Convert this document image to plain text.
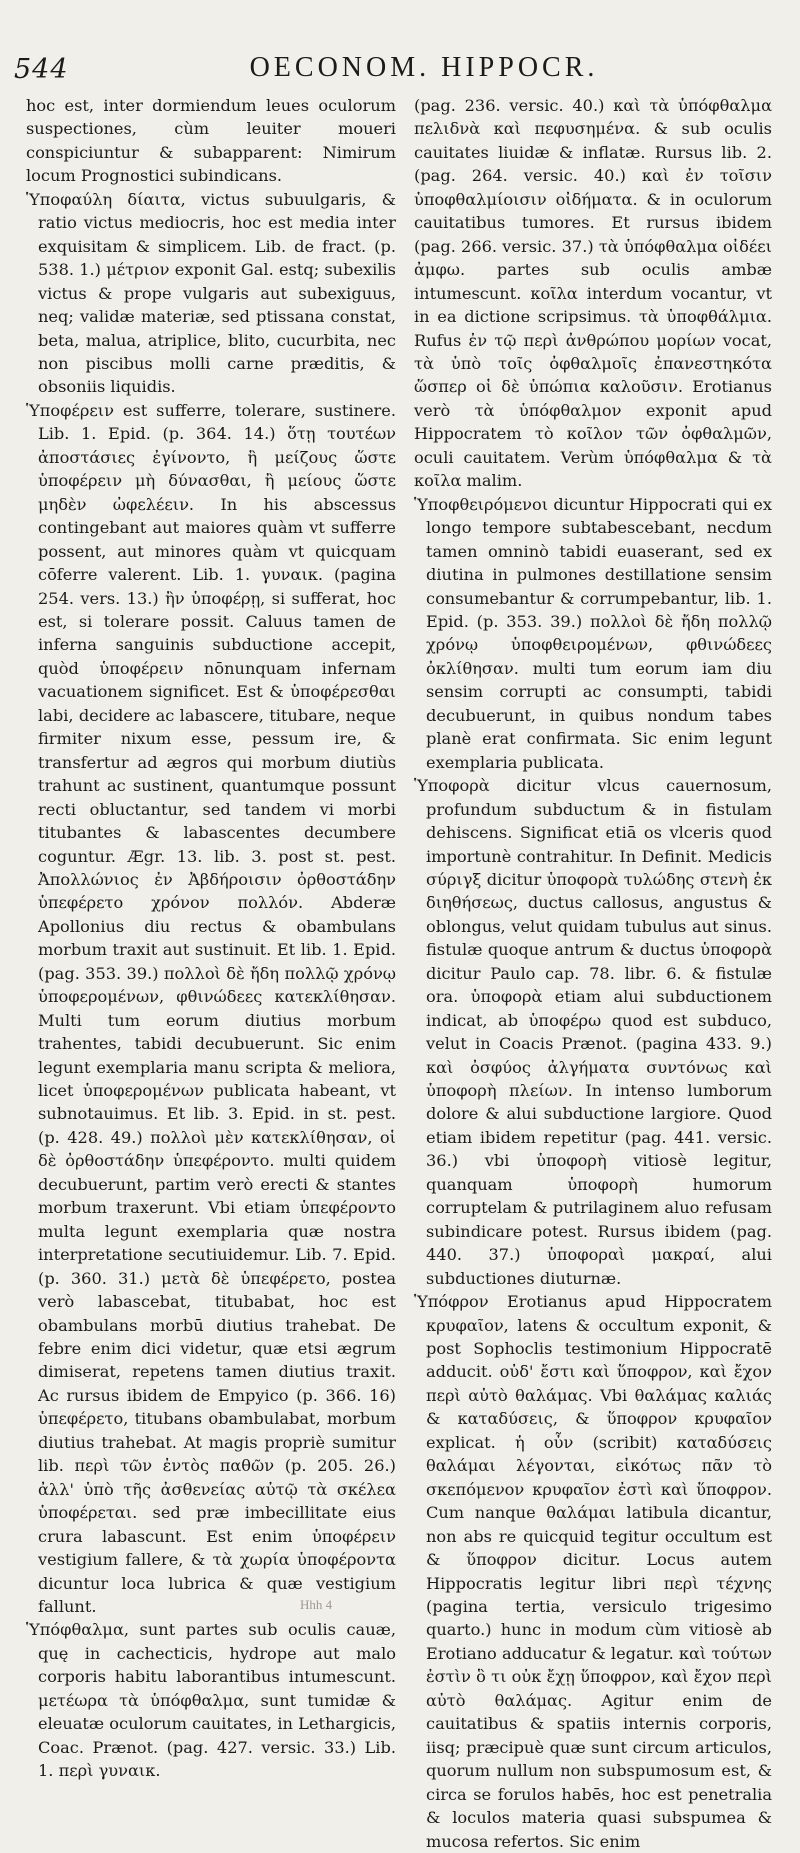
544	OECONOM. HIPPOCR.

hoc est, inter dormiendum leues oculorum suspectiones, cùm leuiter moueri conspiciuntur & subapparent: Nimirum locum Prognostici subindicans.

Ὑποφαύλη δίαιτα, victus subuulgaris, & ratio victus mediocris, hoc est media inter exquisitam & simplicem. Lib. de fract. (p. 538. 1.) μέτριον exponit Gal. estq; subexilis victus & prope vulgaris aut subexiguus, neq; validæ materiæ, sed ptissana constat, beta, malua, atriplice, blito, cucurbita, nec non piscibus molli carne præditis, & obsoniis liquidis.

Ὑποφέρειν est sufferre, tolerare, sustinere. Lib. 1. Epid. (p. 364. 14.) ὅτῃ τουτέων ἀποστάσιες ἐγίνοντο, ἢ μείζους ὥστε ὑποφέρειν μὴ δύνασθαι, ἢ μείους ὥστε μηδὲν ὠφελέειν. In his abscessus contingebant aut maiores quàm vt sufferre possent, aut minores quàm vt quicquam cōferre valerent. Lib. 1. γυναικ. (pagina 254. vers. 13.) ἢν ὑποφέρῃ, si sufferat, hoc est, si tolerare possit. Caluus tamen de inferna sanguinis subductione accepit, quòd ὑποφέρειν nōnunquam infernam vacuationem significet. Est & ὑποφέρεσθαι labi, decidere ac labascere, titubare, neque firmiter nixum esse, pessum ire, & transfertur ad ægros qui morbum diutiùs trahunt ac sustinent, quantumque possunt recti obluctantur, sed tandem vi morbi titubantes & labascentes decumbere coguntur. Ægr. 13. lib. 3. post st. pest. Ἀπολλώνιος ἐν Ἀβδήροισιν ὀρθοστάδην ὑπεφέρετο χρόνον πολλόν. Abderæ Apollonius diu rectus & obambulans morbum traxit aut sustinuit. Et lib. 1. Epid. (pag. 353. 39.) πολλοὶ δὲ ἤδη πολλῷ χρόνῳ ὑποφερομένων, φθινώδεες κατεκλίθησαν. Multi tum eorum diutius morbum trahentes, tabidi decubuerunt. Sic enim legunt exemplaria manu scripta & meliora, licet ὑποφερομένων publicata habeant, vt subnotauimus. Et lib. 3. Epid. in st. pest. (p. 428. 49.) πολλοὶ μὲν κατεκλίθησαν, οἱ δὲ ὀρθοστάδην ὑπεφέροντο. multi quidem decubuerunt, partim verò erecti & stantes morbum traxerunt. Vbi etiam ὑπεφέροντο multa legunt exemplaria quæ nostra interpretatione secutiuidemur. Lib. 7. Epid. (p. 360. 31.) μετὰ δὲ ὑπεφέρετο, postea verò labascebat, titubabat, hoc est obambulans morbū diutius trahebat. De febre enim dici videtur, quæ etsi ægrum dimiserat, repetens tamen diutius traxit. Ac rursus ibidem de Empyico (p. 366. 16) ὑπεφέρετο, titubans obambulabat, morbum diutius trahebat. At magis propriè sumitur lib. περὶ τῶν ἐντὸς παθῶν (p. 205. 26.) ἀλλ' ὑπὸ τῆς ἀσθενείας αὐτῷ τὰ σκέλεα ὑποφέρεται. sed præ imbecillitate eius crura labascunt. Est enim ὑποφέρειν vestigium fallere, & τὰ χωρία ὑποφέροντα dicuntur loca lubrica & quæ vestigium fallunt.

Ὑπόφθαλμα, sunt partes sub oculis cauæ, quę in cachecticis, hydrope aut malo corporis habitu laborantibus intumescunt. μετέωρα τὰ ὑπόφθαλμα, sunt tumidæ & eleuatæ oculorum cauitates, in Lethargicis, Coac. Prænot. (pag. 427. versic. 33.) Lib. 1. περὶ γυναικ.

(pag. 236. versic. 40.) καὶ τὰ ὑπόφθαλμα πελιδνὰ καὶ πεφυσημένα. & sub oculis cauitates liuidæ & inflatæ. Rursus lib. 2. (pag. 264. versic. 40.) καὶ ἐν τοῖσιν ὑποφθαλμίοισιν οἰδήματα. & in oculorum cauitatibus tumores. Et rursus ibidem (pag. 266. versic. 37.) τὰ ὑπόφθαλμα οἰδέει ἀμφω. partes sub oculis ambæ intumescunt. κοῖλα interdum vocantur, vt in ea dictione scripsimus. τὰ ὑποφθάλμια. Rufus ἐν τῷ περὶ ἀνθρώπου μορίων vocat, τὰ ὑπὸ τοῖς ὀφθαλμοῖς ἐπανεστηκότα ὥσπερ οἱ δὲ ὑπώπια καλοῦσιν. Erotianus verò τὰ ὑπόφθαλμον exponit apud Hippocratem τὸ κοῖλον τῶν ὀφθαλμῶν, oculi cauitatem. Verùm ὑπόφθαλμα & τὰ κοῖλα malim.

Ὑποφθειρόμενοι dicuntur Hippocrati qui ex longo tempore subtabescebant, necdum tamen omninò tabidi euaserant, sed ex diutina in pulmones destillatione sensim consumebantur & corrumpebantur, lib. 1. Epid. (p. 353. 39.) πολλοὶ δὲ ἤδη πολλῷ χρόνῳ ὑποφθειρομένων, φθινώδεες ὀκλίθησαν. multi tum eorum iam diu sensim corrupti ac consumpti, tabidi decubuerunt, in quibus nondum tabes planè erat confirmata. Sic enim legunt exemplaria publicata.

Ὑποφορὰ dicitur vlcus cauernosum, profundum subductum & in fistulam dehiscens. Significat etiā os vlceris quod importunè contrahitur. In Definit. Medicis σύριγξ dicitur ὑποφορὰ τυλώδης στενὴ ἐκ διηθήσεως, ductus callosus, angustus & oblongus, velut quidam tubulus aut sinus. fistulæ quoque antrum & ductus ὑποφορὰ dicitur Paulo cap. 78. libr. 6. & fistulæ ora. ὑποφορὰ etiam alui subductionem indicat, ab ὑποφέρω quod est subduco, velut in Coacis Prænot. (pagina 433. 9.) καὶ ὀσφύος ἀλγήματα συντόνως καὶ ὑποφορὴ πλείων. In intenso lumborum dolore & alui subductione largiore. Quod etiam ibidem repetitur (pag. 441. versic. 36.) vbi ὑποφορὴ vitiosè legitur, quanquam ὑποφορὴ humorum corruptelam & putrilaginem aluo refusam subindicare potest. Rursus ibidem (pag. 440. 37.) ὑποφοραὶ μακραί, alui subductiones diuturnæ.

Ὑπόφρον Erotianus apud Hippocratem κρυφαῖον, latens & occultum exponit, & post Sophoclis testimonium Hippocratē adducit. οὐδ' ἔστι καὶ ὕποφρον, καὶ ἔχον περὶ αὐτὸ θαλάμας. Vbi θαλάμας καλιάς & καταδύσεις, & ὕποφρον κρυφαῖον explicat. ἡ οὖν (scribit) καταδύσεις θαλάμαι λέγονται, εἰκότως πᾶν τὸ σκεπόμενον κρυφαῖον ἐστὶ καὶ ὕποφρον. Cum nanque θαλάμαι latibula dicantur, non abs re quicquid tegitur occultum est & ὕποφρον dicitur. Locus autem Hippocratis legitur libri περὶ τέχνης (pagina tertia, versiculo trigesimo quarto.) hunc in modum cùm vitiosè ab Erotiano adducatur & legatur. καὶ τούτων ἐστὶν ὃ τι οὐκ ἔχῃ ὕποφρον, καὶ ἔχον περὶ αὐτὸ θαλάμας. Agitur enim de cauitatibus & spatiis internis corporis, iisq; præcipuè quæ sunt circum articulos, quorum nullum non subspumosum est, & circa se forulos habēs, hoc est penetralia & loculos materia quasi subspumea & mucosa refertos. Sic enim

Hhh 4
